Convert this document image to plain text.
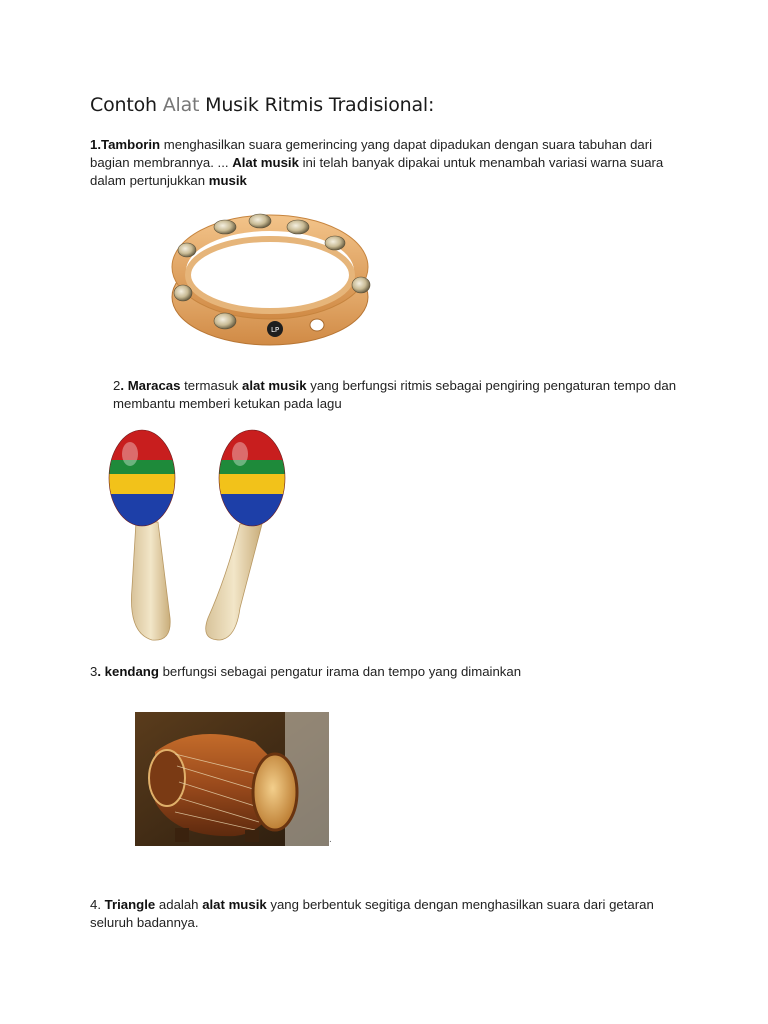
Contoh Alat Musik Ritmis Tradisional:

1.Tamborin menghasilkan suara gemerincing yang dapat dipadukan dengan suara tabuhan dari bagian membrannya. ... Alat musik ini telah banyak dipakai untuk menambah variasi warna suara dalam pertunjukkan musik

LP

2. Maracas termasuk alat musik yang berfungsi ritmis sebagai pengiring pengaturan tempo dan membantu memberi ketukan pada lagu

3. kendang berfungsi sebagai pengatur irama dan tempo yang dimainkan

.

4. Triangle adalah alat musik yang berbentuk segitiga dengan menghasilkan suara dari getaran seluruh badannya.
